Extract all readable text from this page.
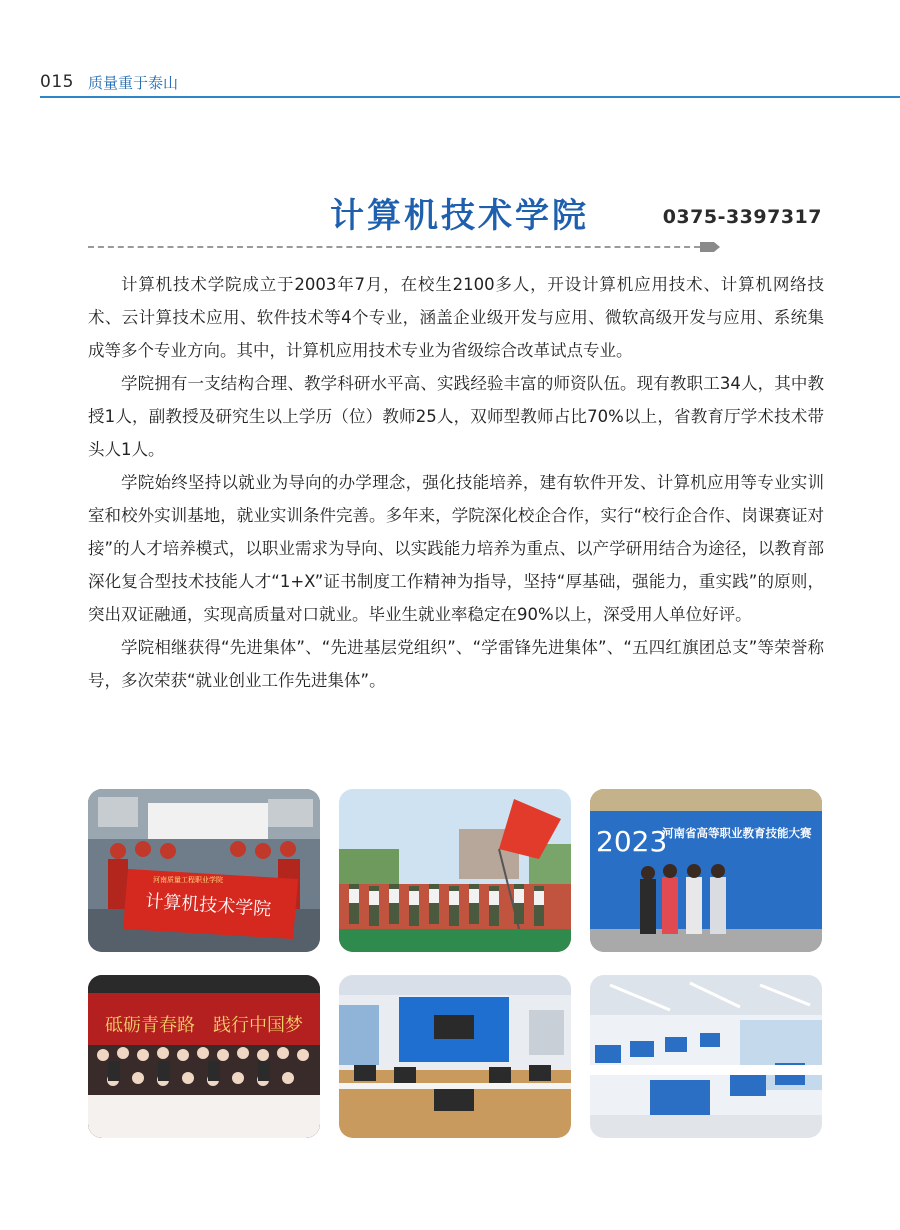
015 质量重于泰山
计算机技术学院	0375-3397317

计算机技术学院成立于2003年7月，在校生2100多人，开设计算机应用技术、计算机网络技术、云计算技术应用、软件技术等4个专业，涵盖企业级开发与应用、微软高级开发与应用、系统集成等多个专业方向。其中，计算机应用技术专业为省级综合改革试点专业。

学院拥有一支结构合理、教学科研水平高、实践经验丰富的师资队伍。现有教职工34人，其中教授1人，副教授及研究生以上学历（位）教师25人，双师型教师占比70%以上，省教育厅学术技术带头人1人。

学院始终坚持以就业为导向的办学理念，强化技能培养，建有软件开发、计算机应用等专业实训室和校外实训基地，就业实训条件完善。多年来，学院深化校企合作，实行“校行企合作、岗课赛证对接”的人才培养模式，以职业需求为导向、以实践能力培养为重点、以产学研用结合为途径，以教育部深化复合型技术技能人才“1+X”证书制度工作精神为指导，坚持“厚基础，强能力，重实践”的原则，突出双证融通，实现高质量对口就业。毕业生就业率稳定在90%以上，深受用人单位好评。

学院相继获得“先进集体”、“先进基层党组织”、“学雷锋先进集体”、“五四红旗团总支”等荣誉称号，多次荣获“就业创业工作先进集体”。

计算机技术学院
河南质量工程职业学院
2023
河南省高等职业教育技能大赛
砥砺青春路　践行中国梦
